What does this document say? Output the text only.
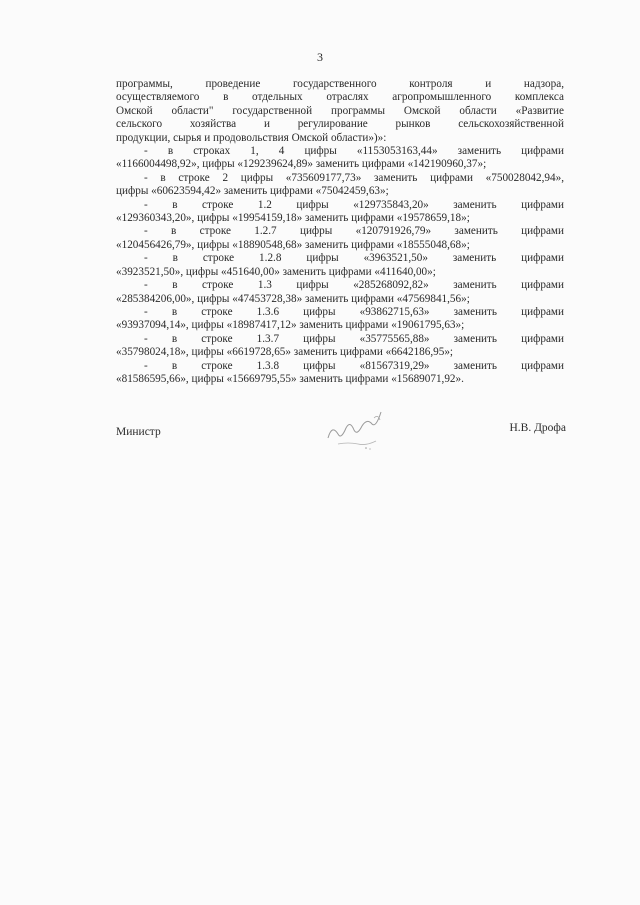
3
программы, проведение государственного контроля и надзора,
осуществляемого в отдельных отраслях агропромышленного комплекса
Омской области" государственной программы Омской области «Развитие
сельского хозяйства и регулирование рынков сельскохозяйственной
продукции, сырья и продовольствия Омской области»)»:
- в строках 1, 4 цифры «1153053163,44» заменить цифрами
«1166004498,92», цифры «129239624,89» заменить цифрами «142190960,37»;
- в строке 2 цифры «735609177,73» заменить цифрами «750028042,94»,
цифры «60623594,42» заменить цифрами «75042459,63»;
- в строке 1.2 цифры «129735843,20» заменить цифрами
«129360343,20», цифры «19954159,18» заменить цифрами «19578659,18»;
- в строке 1.2.7 цифры «120791926,79» заменить цифрами
«120456426,79», цифры «18890548,68» заменить цифрами «18555048,68»;
- в строке 1.2.8 цифры «3963521,50» заменить цифрами
«3923521,50», цифры «451640,00» заменить цифрами «411640,00»;
- в строке 1.3 цифры «285268092,82» заменить цифрами
«285384206,00», цифры «47453728,38» заменить цифрами «47569841,56»;
- в строке 1.3.6 цифры «93862715,63» заменить цифрами
«93937094,14», цифры «18987417,12» заменить цифрами «19061795,63»;
- в строке 1.3.7 цифры «35775565,88» заменить цифрами
«35798024,18», цифры «6619728,65» заменить цифрами «6642186,95»;
- в строке 1.3.8 цифры «81567319,29» заменить цифрами
«81586595,66», цифры «15669795,55» заменить цифрами «15689071,92».
Министр	Н.В. Дрофа
